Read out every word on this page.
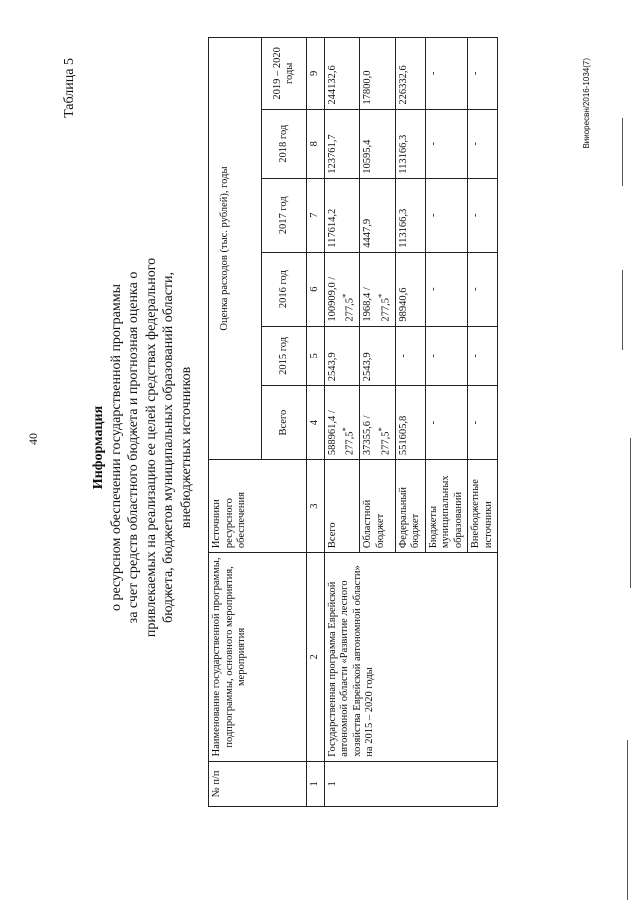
40
Таблица 5
Информация о ресурсном обеспечении государственной программы за счет средств областного бюджета и прогнозная оценка о привлекаемых на реализацию ее целей средствах федерального бюджета, бюджетов муниципальных образований области, внебюджетных источников
№ п/п	Наименование государственной программы, подпрограммы, основного мероприятия, мероприятия	Источники ресурсного обеспечения	Оценка расходов (тыс. рублей), годы					
			Всего	2015 год	2016 год	2017 год	2018 год	2019 – 2020 годы
1	2	3	4	5	6	7	8	9
1	Государственная программа Еврейской автономной области «Развитие лесного хозяйства Еврейской автономной области» на 2015 – 2020 годы	Всего	588961,4 / 277,5*	2543,9	100909,0 / 277,5*	117614,2	123761,7	244132,6
		Областной бюджет	37355,6 / 277,5*	2543,9	1968,4 / 277,5*	4447,9	10595,4	17800,0
		Федеральный бюджет	551605,8	-	98940,6	113166,3	113166,3	226332,6
		Бюджеты муниципальных образований	-	-	-	-	-	-
		Внебюджетные источники	-	-	-	-	-	-	Вииоресвн/2016-1034(7)
